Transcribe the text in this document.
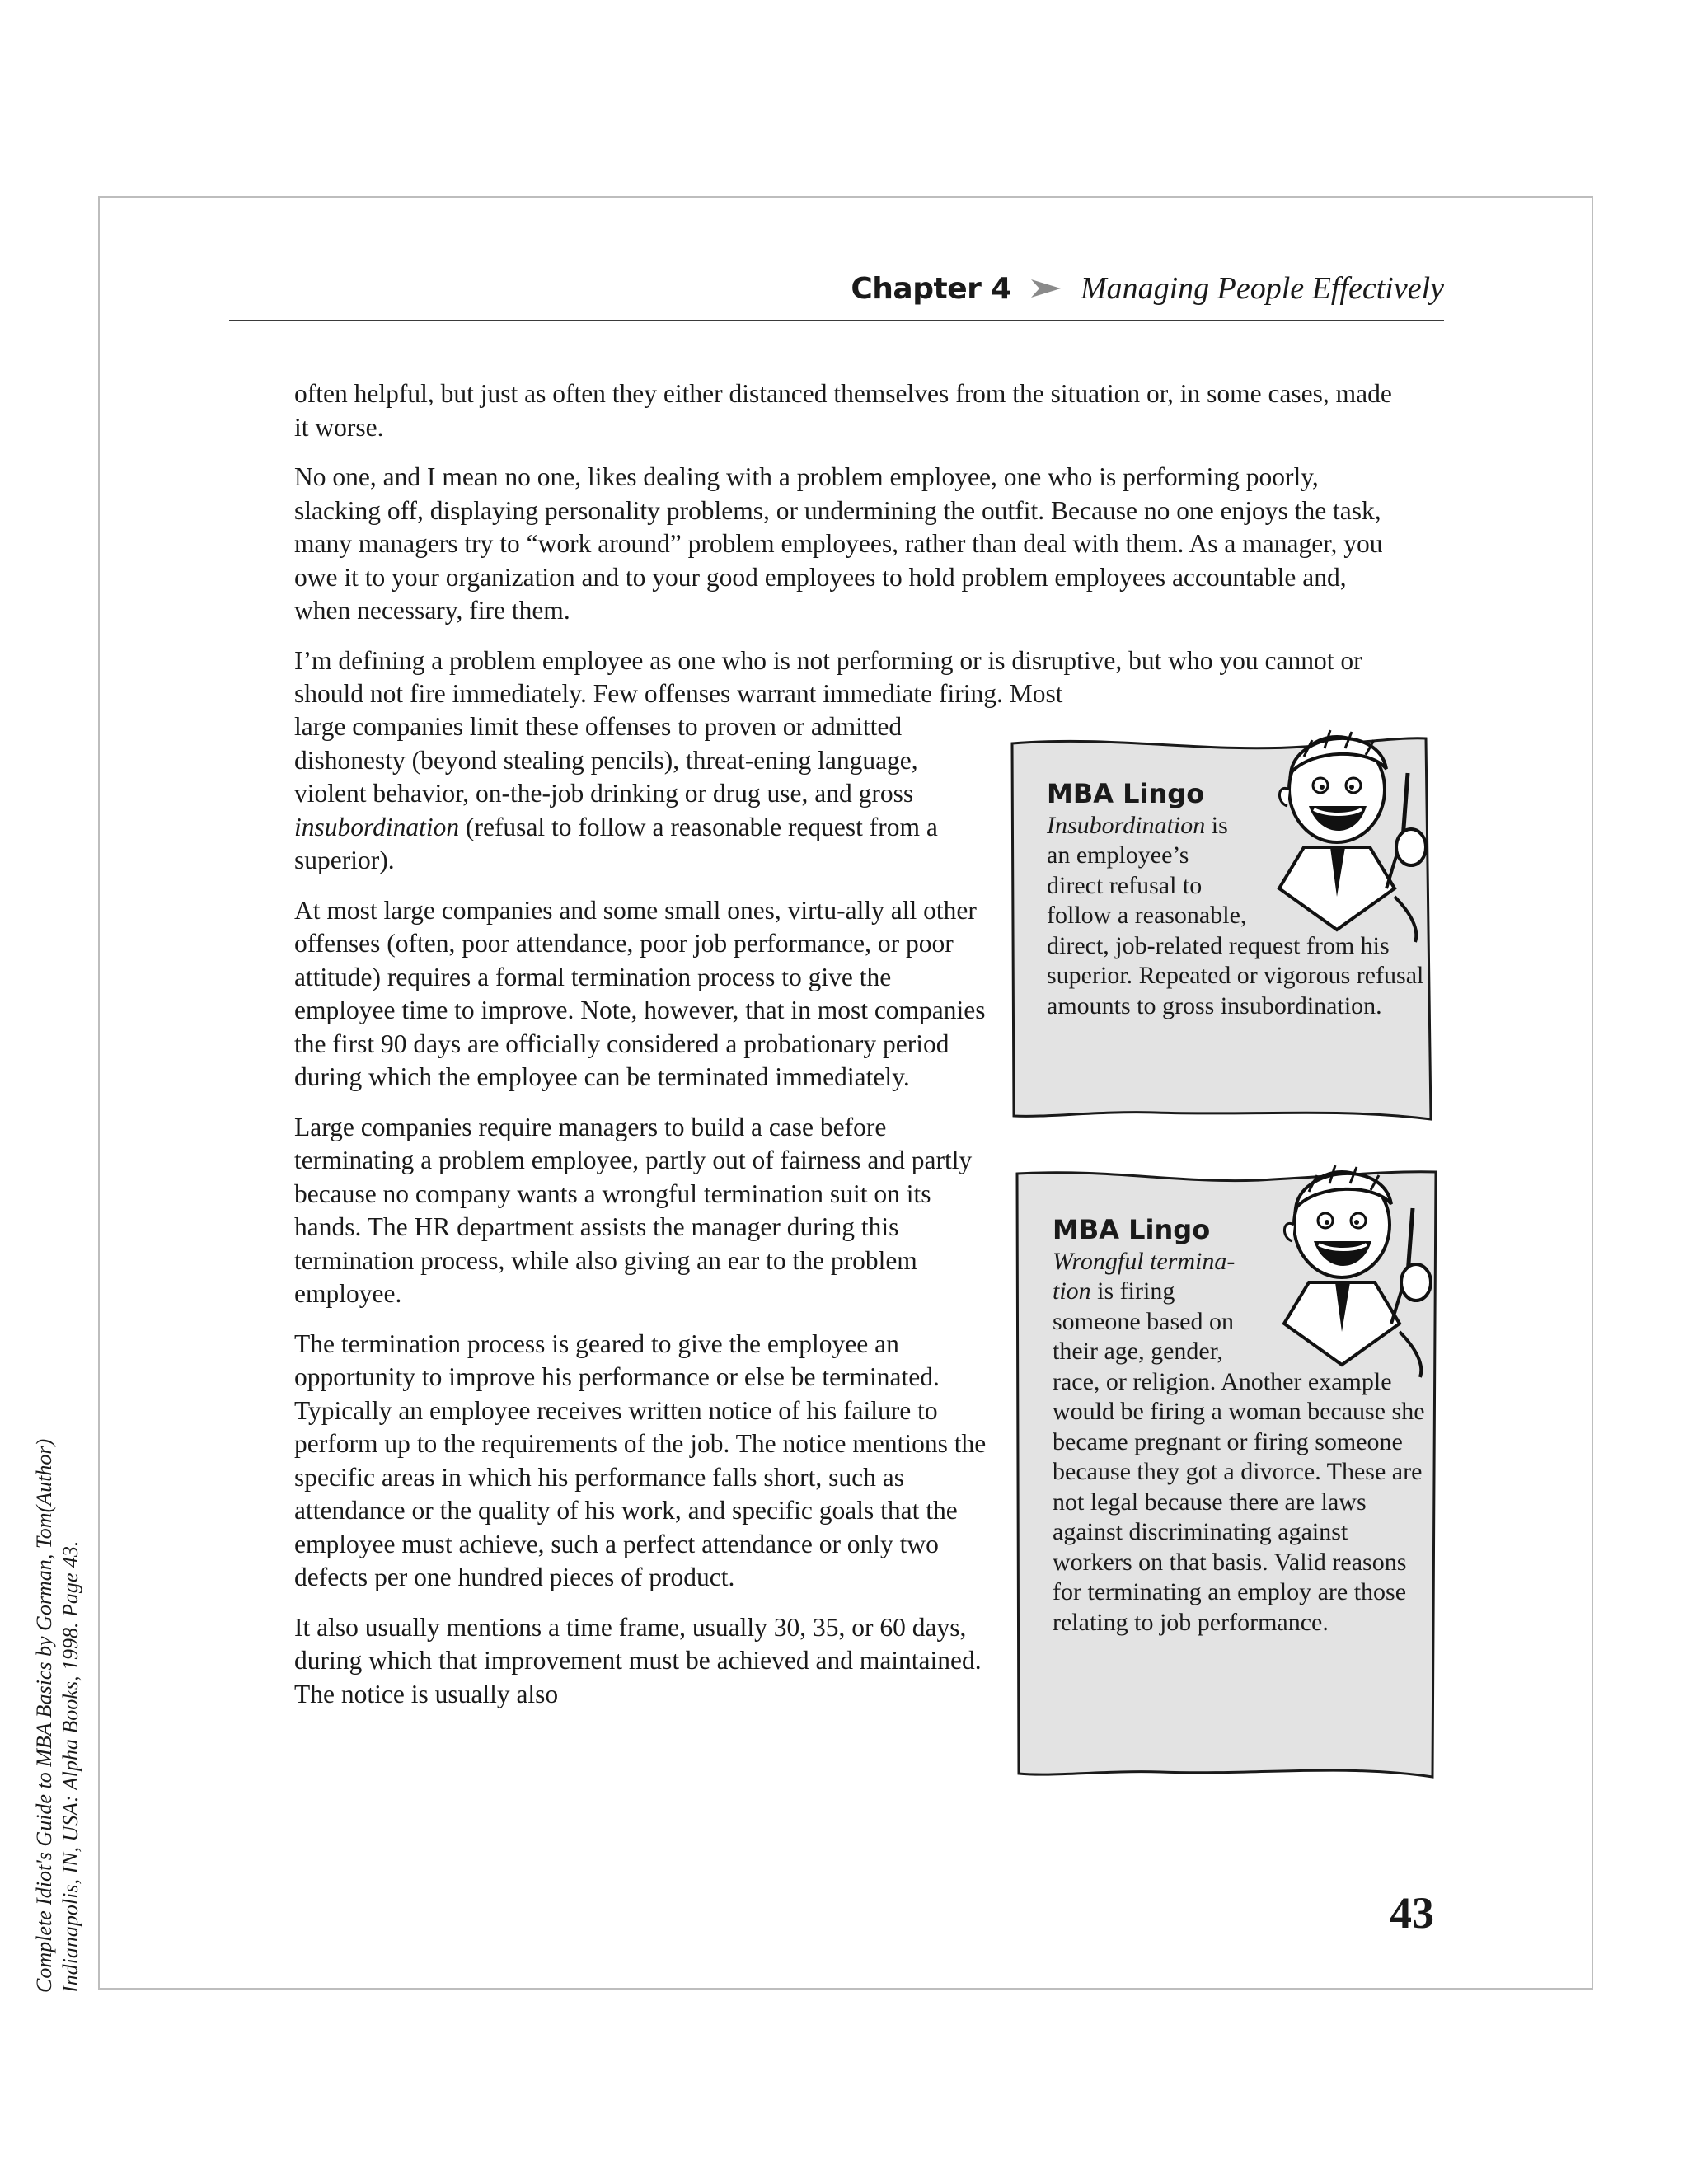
Chapter 4 Managing People Effectively

often helpful, but just as often they either distanced themselves from the situation or, in some cases, made it worse.

No one, and I mean no one, likes dealing with a problem employee, one who is performing poorly, slacking off, displaying personality problems, or undermining the outfit. Because no one enjoys the task, many managers try to “work around” problem employees, rather than deal with them. As a manager, you owe it to your organization and to your good employees to hold problem employees accountable and, when necessary, fire them.

I’m defining a problem employee as one who is not performing or is disruptive, but who you cannot or should not fire immediately. Few offenses warrant immediate firing. Most

large companies limit these offenses to proven or admitted dishonesty (beyond stealing pencils), threat-ening language, violent behavior, on-the-job drinking or drug use, and gross insubordination (refusal to follow a reasonable request from a superior).

At most large companies and some small ones, virtu-ally all other offenses (often, poor attendance, poor job performance, or poor attitude) requires a formal termination process to give the employee time to improve. Note, however, that in most companies the first 90 days are officially considered a probationary period during which the employee can be terminated immediately.

Large companies require managers to build a case before terminating a problem employee, partly out of fairness and partly because no company wants a wrongful termination suit on its hands. The HR department assists the manager during this termination process, while also giving an ear to the problem employee.

The termination process is geared to give the employee an opportunity to improve his performance or else be terminated. Typically an employee receives written notice of his failure to perform up to the requirements of the job. The notice mentions the specific areas in which his performance falls short, such as attendance or the quality of his work, and specific goals that the employee must achieve, such a perfect attendance or only two defects per one hundred pieces of product.

It also usually mentions a time frame, usually 30, 35, or 60 days, during which that improvement must be achieved and maintained. The notice is usually also

MBA Lingo
Insubordination is an employee’s direct refusal to follow a reasonable, direct, job-related request from his superior. Repeated or vigorous refusal amounts to gross insubordination.
MBA Lingo
Wrongful termina-tion is firing someone based on their age, gender, race, or religion. Another example would be firing a woman because she became pregnant or firing someone because they got a divorce. These are not legal because there are laws against discriminating against workers on that basis. Valid reasons for terminating an employ are those relating to job performance.
43
Complete Idiot's Guide to MBA Basics by Gorman, Tom(Author) Indianapolis, IN, USA: Alpha Books, 1998. Page 43.
